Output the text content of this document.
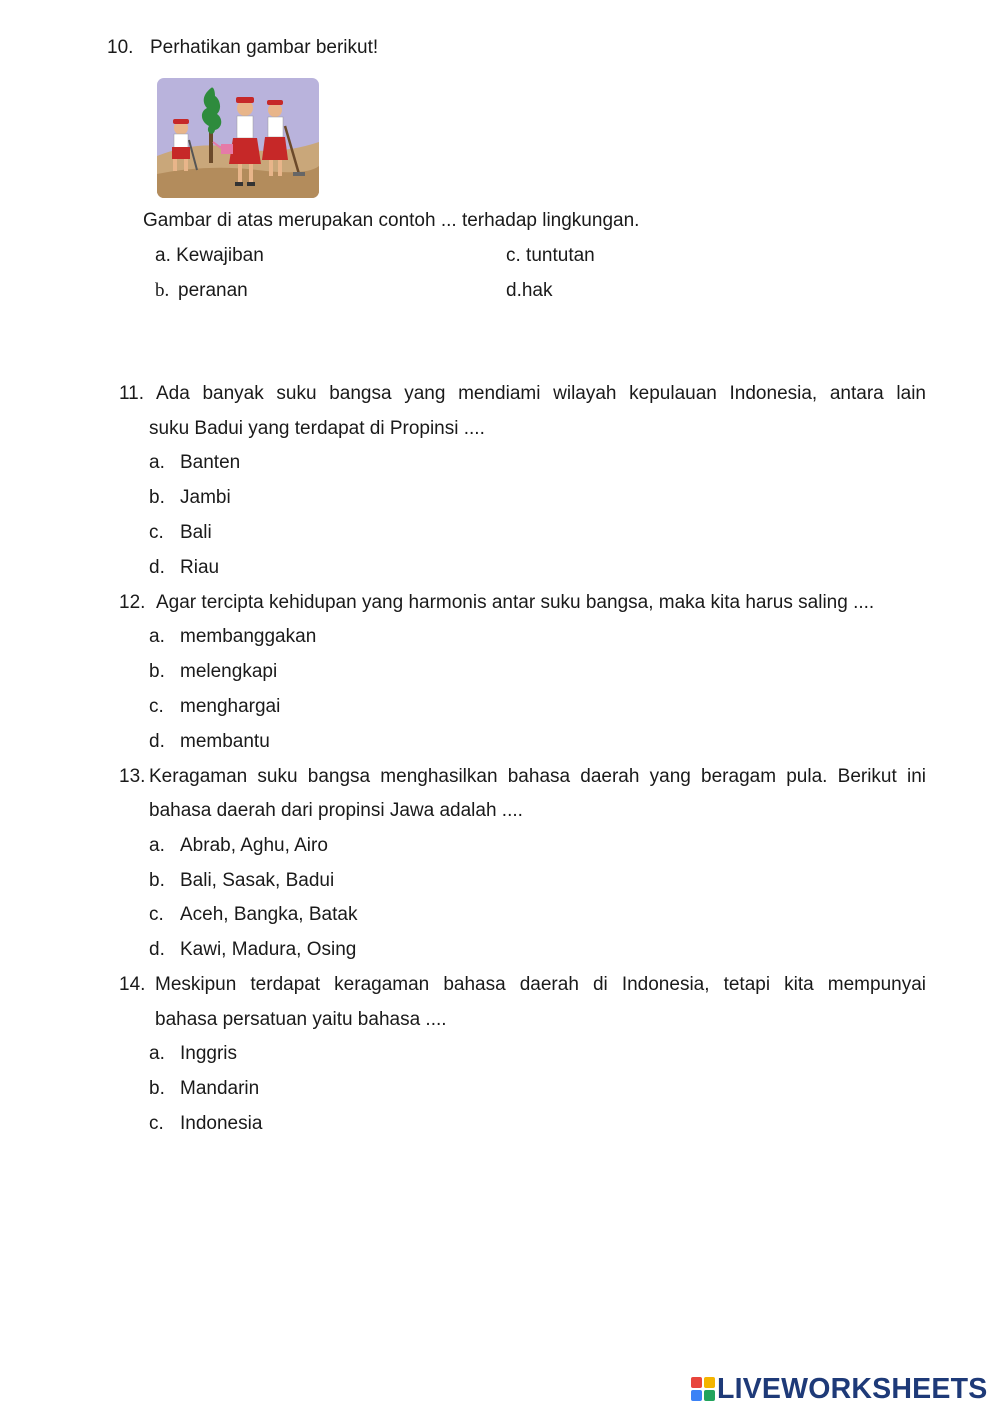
10. Perhatikan gambar berikut!
Gambar di atas merupakan contoh ... terhadap lingkungan.
a. Kewajiban	c. tuntutan
b. peranan	d.hak
11. Ada banyak suku bangsa yang mendiami wilayah kepulauan Indonesia, antara lain
suku Badui yang terdapat di Propinsi ....
a. Banten
b. Jambi
c. Bali
d. Riau
12. Agar tercipta kehidupan yang harmonis antar suku bangsa, maka kita harus saling ....
a. membanggakan
b. melengkapi
c. menghargai
d. membantu
13. Keragaman suku bangsa menghasilkan bahasa daerah yang beragam pula. Berikut ini
bahasa daerah dari propinsi Jawa adalah ....
a. Abrab, Aghu, Airo
b. Bali, Sasak, Badui
c. Aceh, Bangka, Batak
d. Kawi, Madura, Osing
14. Meskipun terdapat keragaman bahasa daerah di Indonesia, tetapi kita mempunyai
bahasa persatuan yaitu bahasa ....
a. Inggris
b. Mandarin
c. Indonesia
LIVEWORKSHEETS
